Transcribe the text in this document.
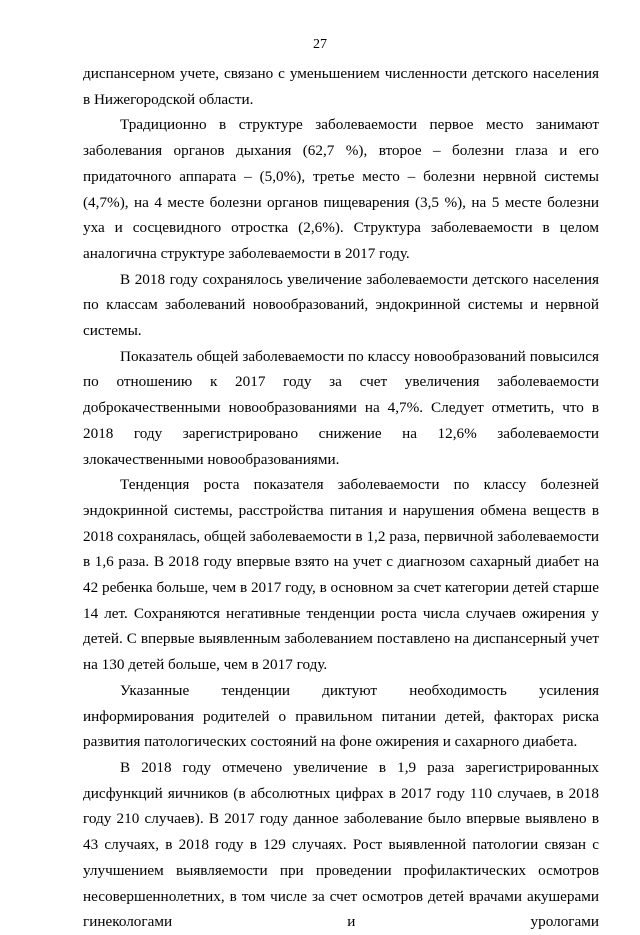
27

диспансерном учете, связано с уменьшением численности детского населения в Нижегородской области.

Традиционно в структуре заболеваемости первое место занимают заболевания органов дыхания (62,7 %), второе – болезни глаза и его придаточного аппарата – (5,0%), третье место – болезни нервной системы (4,7%), на 4 месте болезни органов пищеварения (3,5 %), на 5 месте болезни уха и сосцевидного отростка (2,6%). Структура заболеваемости в целом аналогична структуре заболеваемости в 2017 году.

В 2018 году сохранялось увеличение заболеваемости детского населения по классам заболеваний новообразований, эндокринной системы и нервной системы.

Показатель общей заболеваемости по классу новообразований повысился по отношению к 2017 году за счет увеличения заболеваемости доброкачественными новообразованиями на 4,7%. Следует отметить, что в 2018 году зарегистрировано снижение на 12,6% заболеваемости злокачественными новообразованиями.

Тенденция роста показателя заболеваемости по классу болезней эндокринной системы, расстройства питания и нарушения обмена веществ в 2018 сохранялась, общей заболеваемости в 1,2 раза, первичной заболеваемости в 1,6 раза. В 2018 году впервые взято на учет с диагнозом сахарный диабет на 42 ребенка больше, чем в 2017 году, в основном за счет категории детей старше 14 лет. Сохраняются негативные тенденции роста числа случаев ожирения у детей. С впервые выявленным заболеванием поставлено на диспансерный учет на 130 детей больше, чем в 2017 году.

Указанные тенденции диктуют необходимость усиления информирования родителей о правильном питании детей, факторах риска развития патологических состояний на фоне ожирения и сахарного диабета.

В 2018 году отмечено увеличение в 1,9 раза зарегистрированных дисфункций яичников (в абсолютных цифрах в 2017 году 110 случаев, в 2018 году 210 случаев). В 2017 году данное заболевание было впервые выявлено в 43 случаях, в 2018 году в 129 случаях. Рост выявленной патологии связан с улучшением выявляемости при проведении профилактических осмотров несовершеннолетних, в том числе за счет осмотров детей врачами акушерами гинекологами и урологами
